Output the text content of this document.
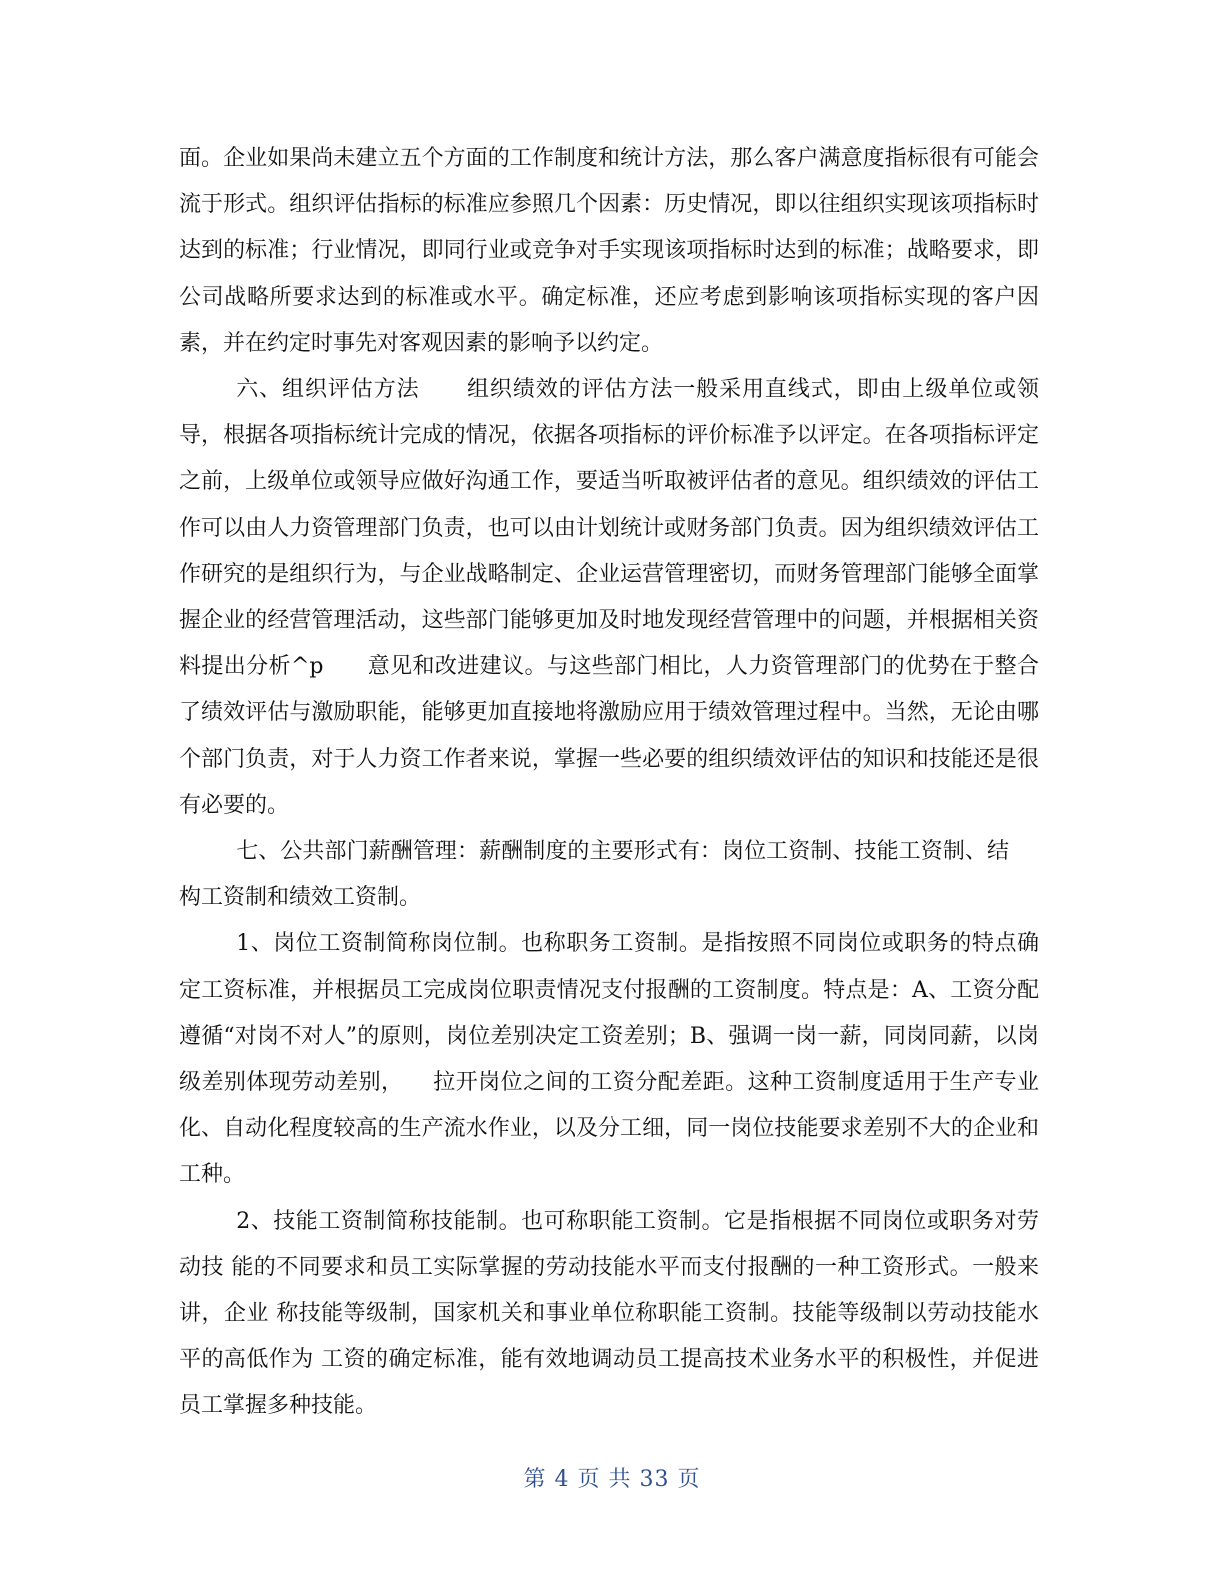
面。企业如果尚未建立五个方面的工作制度和统计方法，那么客户满意度指标很有可能会流于形式。组织评估指标的标准应参照几个因素：历史情况，即以往组织实现该项指标时达到的标准；行业情况，即同行业或竞争对手实现该项指标时达到的标准；战略要求，即公司战略所要求达到的标准或水平。确定标准，还应考虑到影响该项指标实现的客户因素，并在约定时事先对客观因素的影响予以约定。

六、组织评估方法      组织绩效的评估方法一般采用直线式，即由上级单位或领导，根据各项指标统计完成的情况，依据各项指标的评价标准予以评定。在各项指标评定之前，上级单位或领导应做好沟通工作，要适当听取被评估者的意见。组织绩效的评估工作可以由人力资管理部门负责，也可以由计划统计或财务部门负责。因为组织绩效评估工作研究的是组织行为，与企业战略制定、企业运营管理密切，而财务管理部门能够全面掌握企业的经营管理活动，这些部门能够更加及时地发现经营管理中的问题，并根据相关资料提出分析^p      意见和改进建议。与这些部门相比，人力资管理部门的优势在于整合了绩效评估与激励职能，能够更加直接地将激励应用于绩效管理过程中。当然，无论由哪个部门负责，对于人力资工作者来说，掌握一些必要的组织绩效评估的知识和技能还是很有必要的。

七、公共部门薪酬管理：薪酬制度的主要形式有：岗位工资制、技能工资制、结构工资制和绩效工资制。

1、岗位工资制简称岗位制。也称职务工资制。是指按照不同岗位或职务的特点确定工资标准，并根据员工完成岗位职责情况支付报酬的工资制度。特点是：A、工资分配遵循“对岗不对人”的原则，岗位差别决定工资差别；B、强调一岗一薪，同岗同薪，以岗级差别体现劳动差别，    拉开岗位之间的工资分配差距。这种工资制度适用于生产专业化、自动化程度较高的生产流水作业，以及分工细，同一岗位技能要求差别不大的企业和工种。

2、技能工资制简称技能制。也可称职能工资制。它是指根据不同岗位或职务对劳动技 能的不同要求和员工实际掌握的劳动技能水平而支付报酬的一种工资形式。一般来讲，企业 称技能等级制，国家机关和事业单位称职能工资制。技能等级制以劳动技能水平的高低作为 工资的确定标准，能有效地调动员工提高技术业务水平的积极性，并促进员工掌握多种技能。

第 4 页 共 33 页
